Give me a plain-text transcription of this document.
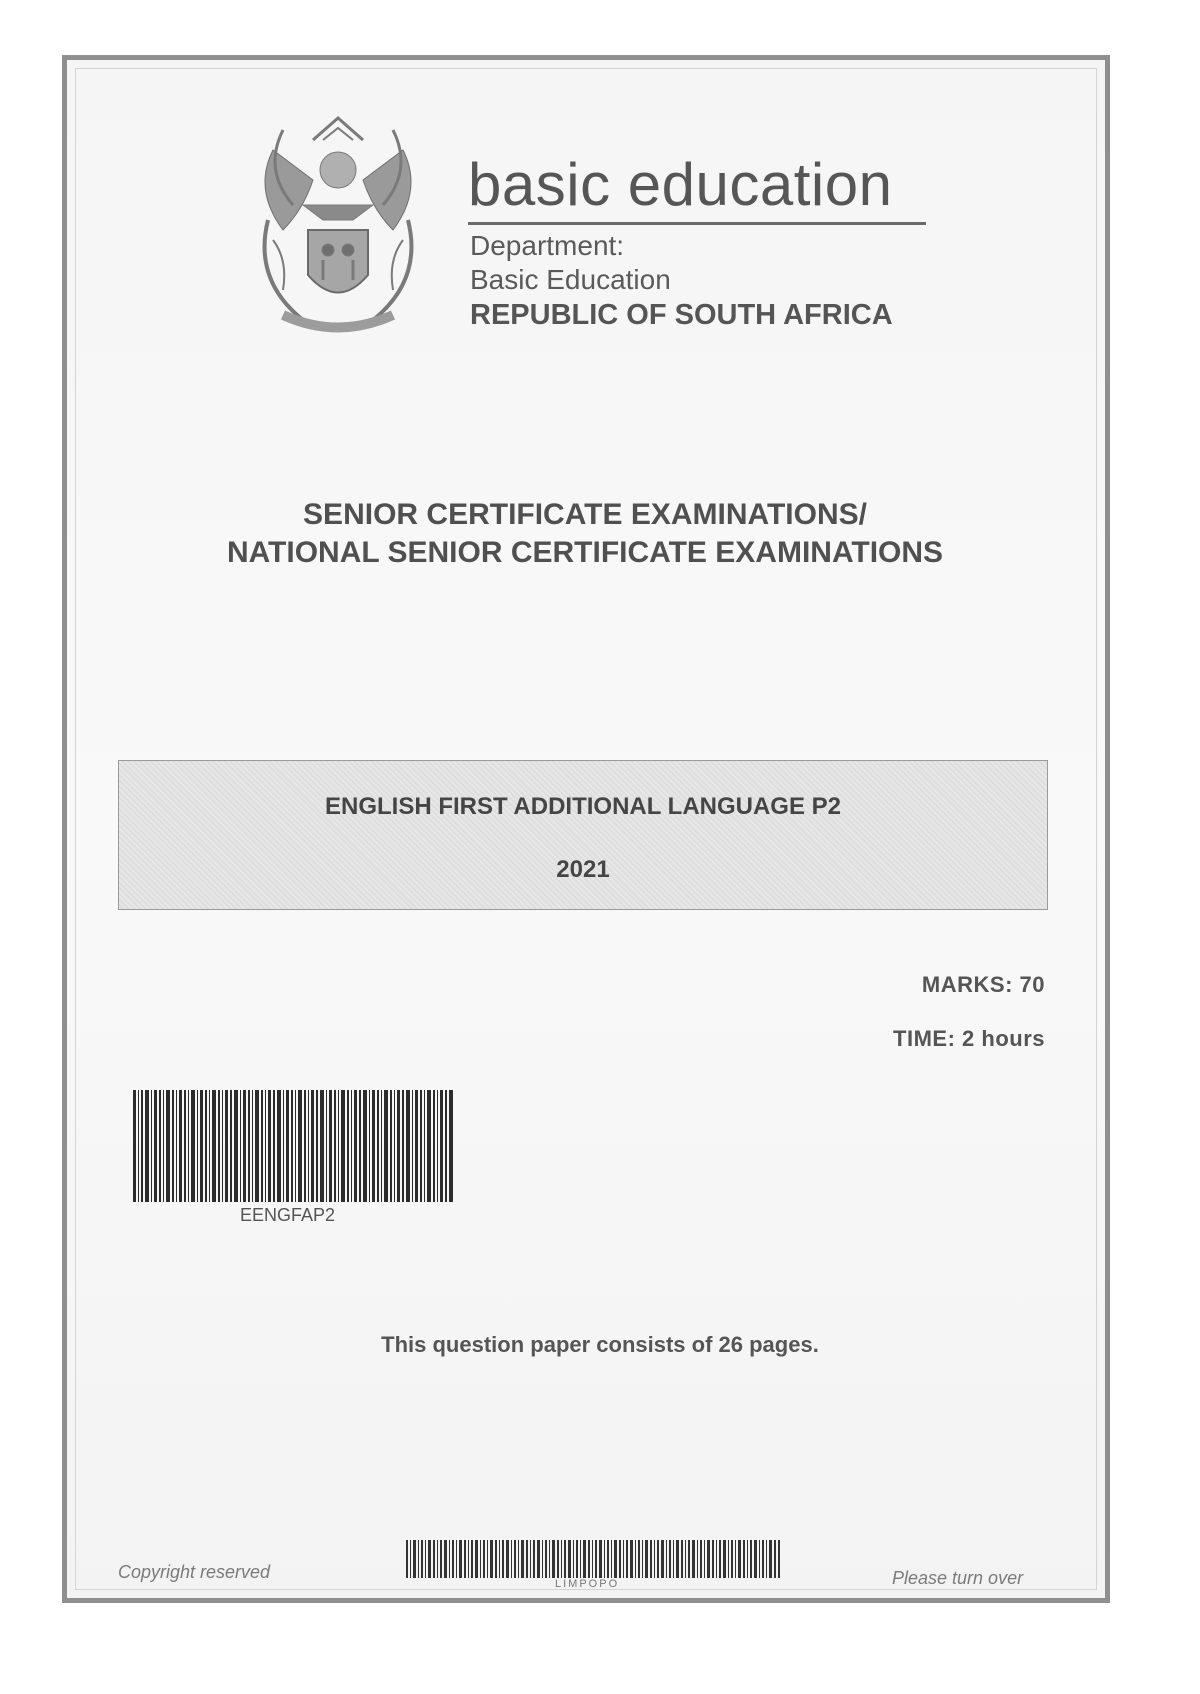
basic education
Department:
Basic Education
REPUBLIC OF SOUTH AFRICA
SENIOR CERTIFICATE EXAMINATIONS/
NATIONAL SENIOR CERTIFICATE EXAMINATIONS
ENGLISH FIRST ADDITIONAL LANGUAGE P2
2021
MARKS: 70
TIME: 2 hours
EENGFAP2
This question paper consists of 26 pages.
Copyright reserved
LIMPOPO	Please turn over
